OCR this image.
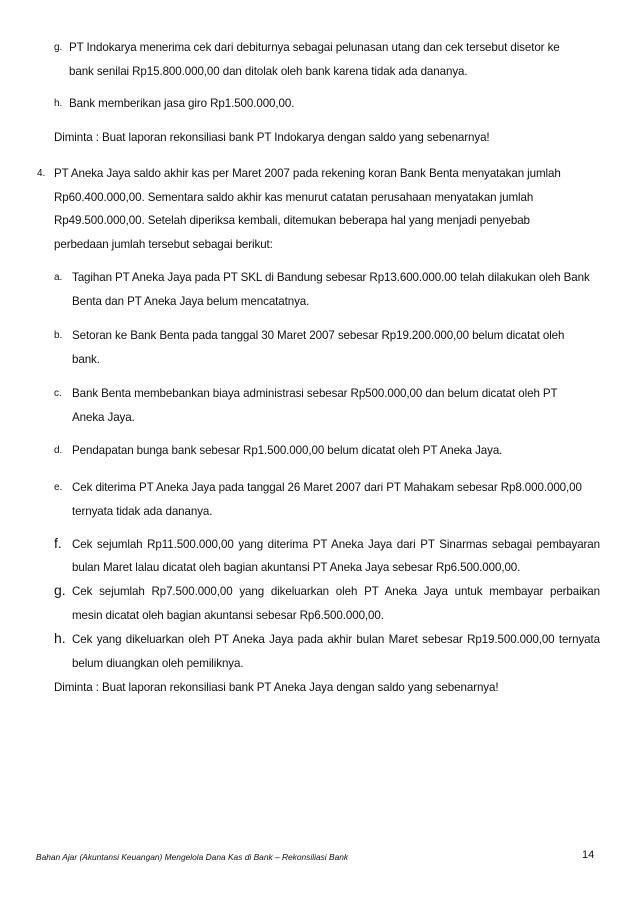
g. PT Indokarya menerima cek dari debiturnya sebagai pelunasan utang dan cek tersebut disetor ke
bank senilai Rp15.800.000,00 dan ditolak oleh bank karena tidak ada dananya.
h. Bank memberikan jasa giro Rp1.500.000,00.
Diminta : Buat laporan rekonsiliasi bank PT Indokarya dengan saldo yang sebenarnya!
4. PT Aneka Jaya saldo akhir kas per Maret 2007 pada rekening koran Bank Benta menyatakan jumlah
Rp60.400.000,00. Sementara saldo akhir kas menurut catatan perusahaan menyatakan jumlah
Rp49.500.000,00. Setelah diperiksa kembali, ditemukan beberapa hal yang menjadi penyebab
perbedaan jumlah tersebut sebagai berikut:
a. Tagihan PT Aneka Jaya pada PT SKL di Bandung sebesar Rp13.600.000.00 telah dilakukan oleh Bank
Benta dan PT Aneka Jaya belum mencatatnya.
b. Setoran ke Bank Benta pada tanggal 30 Maret 2007 sebesar Rp19.200.000,00 belum dicatat oleh
bank.
c. Bank Benta membebankan biaya administrasi sebesar Rp500.000,00 dan belum dicatat oleh PT
Aneka Jaya.
d. Pendapatan bunga bank sebesar Rp1.500.000,00 belum dicatat oleh PT Aneka Jaya.
e. Cek diterima PT Aneka Jaya pada tanggal 26 Maret 2007 dari PT Mahakam sebesar Rp8.000.000,00
ternyata tidak ada dananya.
f. Cek sejumlah Rp11.500.000,00 yang diterima PT Aneka Jaya dari PT Sinarmas sebagai pembayaran
bulan Maret lalau dicatat oleh bagian akuntansi PT Aneka Jaya sebesar Rp6.500.000,00.
g. Cek sejumlah Rp7.500.000,00 yang dikeluarkan oleh PT Aneka Jaya untuk membayar perbaikan
mesin dicatat oleh bagian akuntansi sebesar Rp6.500.000,00.
h. Cek yang dikeluarkan oleh PT Aneka Jaya pada akhir bulan Maret sebesar Rp19.500.000,00 ternyata
belum diuangkan oleh pemiliknya.
Diminta : Buat laporan rekonsiliasi bank PT Aneka Jaya dengan saldo yang sebenarnya!
Bahan Ajar (Akuntansi Keuangan) Mengelola Dana Kas di Bank – Rekonsiliasi Bank	14
